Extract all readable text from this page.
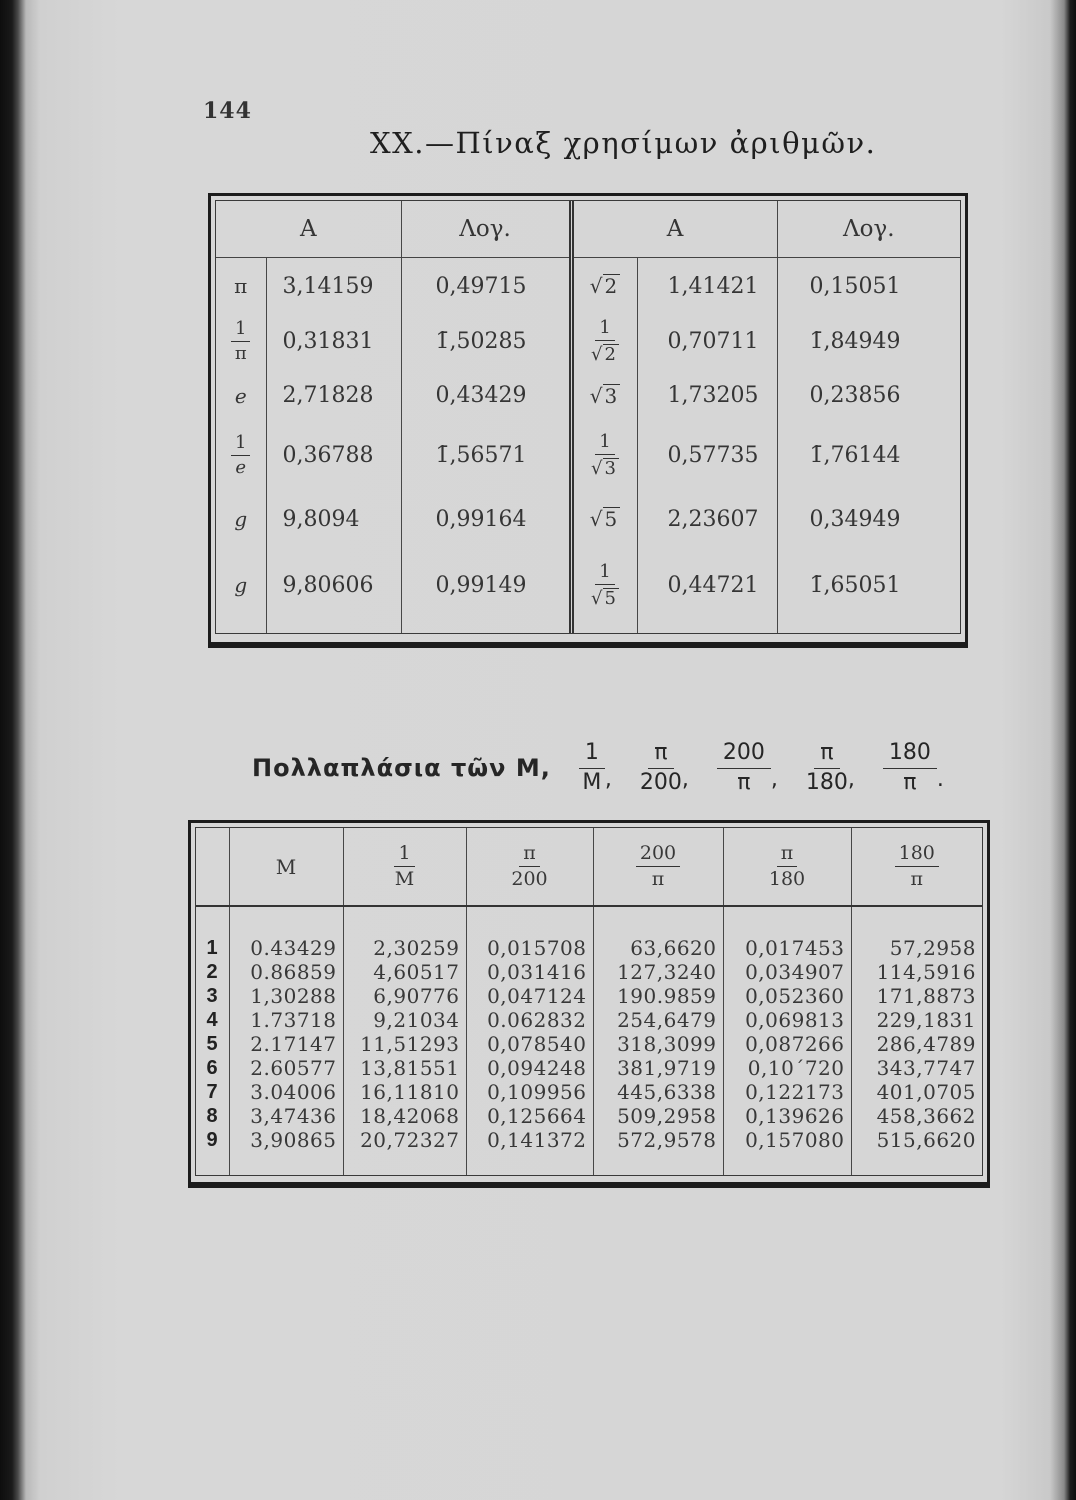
144
XX.—Πίναξ χρησίμων ἀριθμῶν.
A		Λογ.	A		Λογ.
π	3,14159	0,49715	√ 2	1,41421	0,15051

$\frac{1}{\pi}$	0,31831	1̄,50285	$\frac{1}{√ 2}$	0,70711	1̄,84949
e	2,71828	0,43429	√ 3	1,73205	0,23856

$\frac{1}{e}$	0,36788	1̄,56571	$\frac{1}{√ 3}$	0,57735	1̄,76144
g	9,8094	0,99164	√ 5	2,23607	0,34949
g	9,80606	0,99149	$\frac{1}{√ 5}$	0,44721	1̄,65051

Πολλαπλάσια τῶν M, $\frac{1}{M}$ , $\frac{\pi}{200}$ , $\frac{200}{\pi}$ , $\frac{\pi}{180}$ , $\frac{180}{\pi}$ .
	M	$\frac{1}{M}$	$\frac{\pi}{200}$	$\frac{200}{\pi}$	$\frac{\pi}{180}$	$\frac{180}{\pi}$

1	0.43429	2,30259	0,015708	63,6620	0,017453	57,2958
2	0.86859	4,60517	0,031416	127,3240	0,034907	114,5916
3	1,30288	6,90776	0,047124	190.9859	0,052360	171,8873
4	1.73718	9,21034	0.062832	254,6479	0,069813	229,1831
5	2.17147	11,51293	0,078540	318,3099	0,087266	286,4789
6	2.60577	13,81551	0,094248	381,9719	0,10´720	343,7747
7	3.04006	16,11810	0,109956	445,6338	0,122173	401,0705
8	3,47436	18,42068	0,125664	509,2958	0,139626	458,3662
9	3,90865	20,72327	0,141372	572,9578	0,157080	515,6620
